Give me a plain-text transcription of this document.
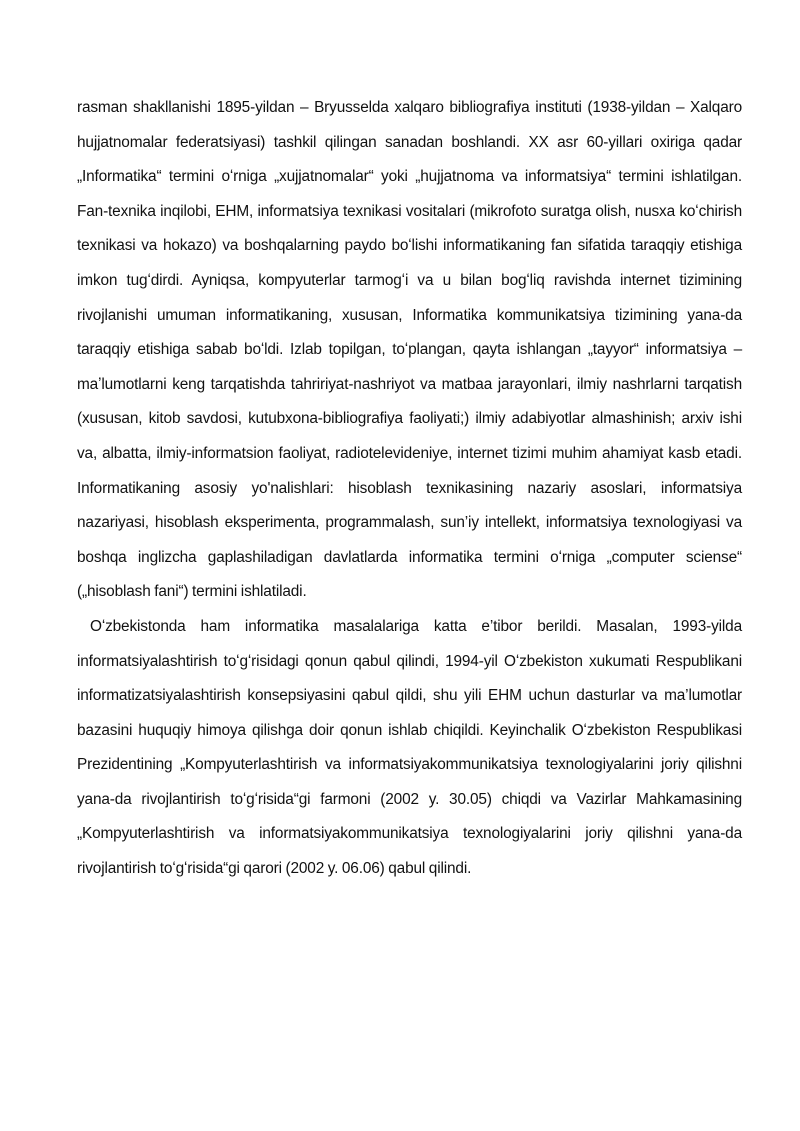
rasman shakllanishi 1895-yildan – Bryusselda xalqaro bibliografiya instituti (1938-yildan – Xalqaro hujjatnomalar federatsiyasi) tashkil qilingan sanadan boshlandi. XX asr 60-yillari oxiriga qadar „Informatika“ termini oʻrniga „xujjatnomalar“ yoki „hujjatnoma va informatsiya“ termini ishlatilgan. Fan-texnika inqilobi, EHM, informatsiya texnikasi vositalari (mikrofoto suratga olish, nusxa koʻchirish texnikasi va hokazo) va boshqalarning paydo boʻlishi informatikaning fan sifatida taraqqiy etishiga imkon tugʻdirdi. Ayniqsa, kompyuterlar tarmogʻi va u bilan bogʻliq ravishda internet tizimining rivojlanishi umuman informatikaning, xususan, Informatika kommunikatsiya tizimining yana-da taraqqiy etishiga sabab boʻldi. Izlab topilgan, toʻplangan, qayta ishlangan „tayyor“ informatsiya – maʼlumotlarni keng tarqatishda tahririyat-nashriyot va matbaa jarayonlari, ilmiy nashrlarni tarqatish (xususan, kitob savdosi, kutubxona-bibliografiya faoliyati;) ilmiy adabiyotlar almashinish; arxiv ishi va, albatta, ilmiy-informatsion faoliyat, radiotelevideniye, internet tizimi muhim ahamiyat kasb etadi. Informatikaning asosiy yo'nalishlari: hisoblash texnikasining nazariy asoslari, informatsiya nazariyasi, hisoblash eksperimenta, programmalash, sun’iy intellekt, informatsiya texnologiyasi va boshqa inglizcha gaplashiladigan davlatlarda informatika termini oʻrniga „computer sciense“ („hisoblash fani“) termini ishlatiladi.

Oʻzbekistonda ham informatika masalalariga katta e’tibor berildi. Masalan, 1993-yilda informatsiyalashtirish toʻgʻrisidagi qonun qabul qilindi, 1994-yil Oʻzbekiston xukumati Respublikani informatizatsiyalashtirish konsepsiyasini qabul qildi, shu yili EHM uchun dasturlar va ma’lumotlar bazasini huquqiy himoya qilishga doir qonun ishlab chiqildi. Keyinchalik Oʻzbekiston Respublikasi Prezidentining „Kompyuterlashtirish va informatsiyakommunikatsiya texnologiyalarini joriy qilishni yana-da rivojlantirish toʻgʻrisida“gi farmoni (2002 y. 30.05) chiqdi va Vazirlar Mahkamasining „Kompyuterlashtirish va informatsiyakommunikatsiya texnologiyalarini joriy qilishni yana-da rivojlantirish toʻgʻrisida“gi qarori (2002 y. 06.06) qabul qilindi.
